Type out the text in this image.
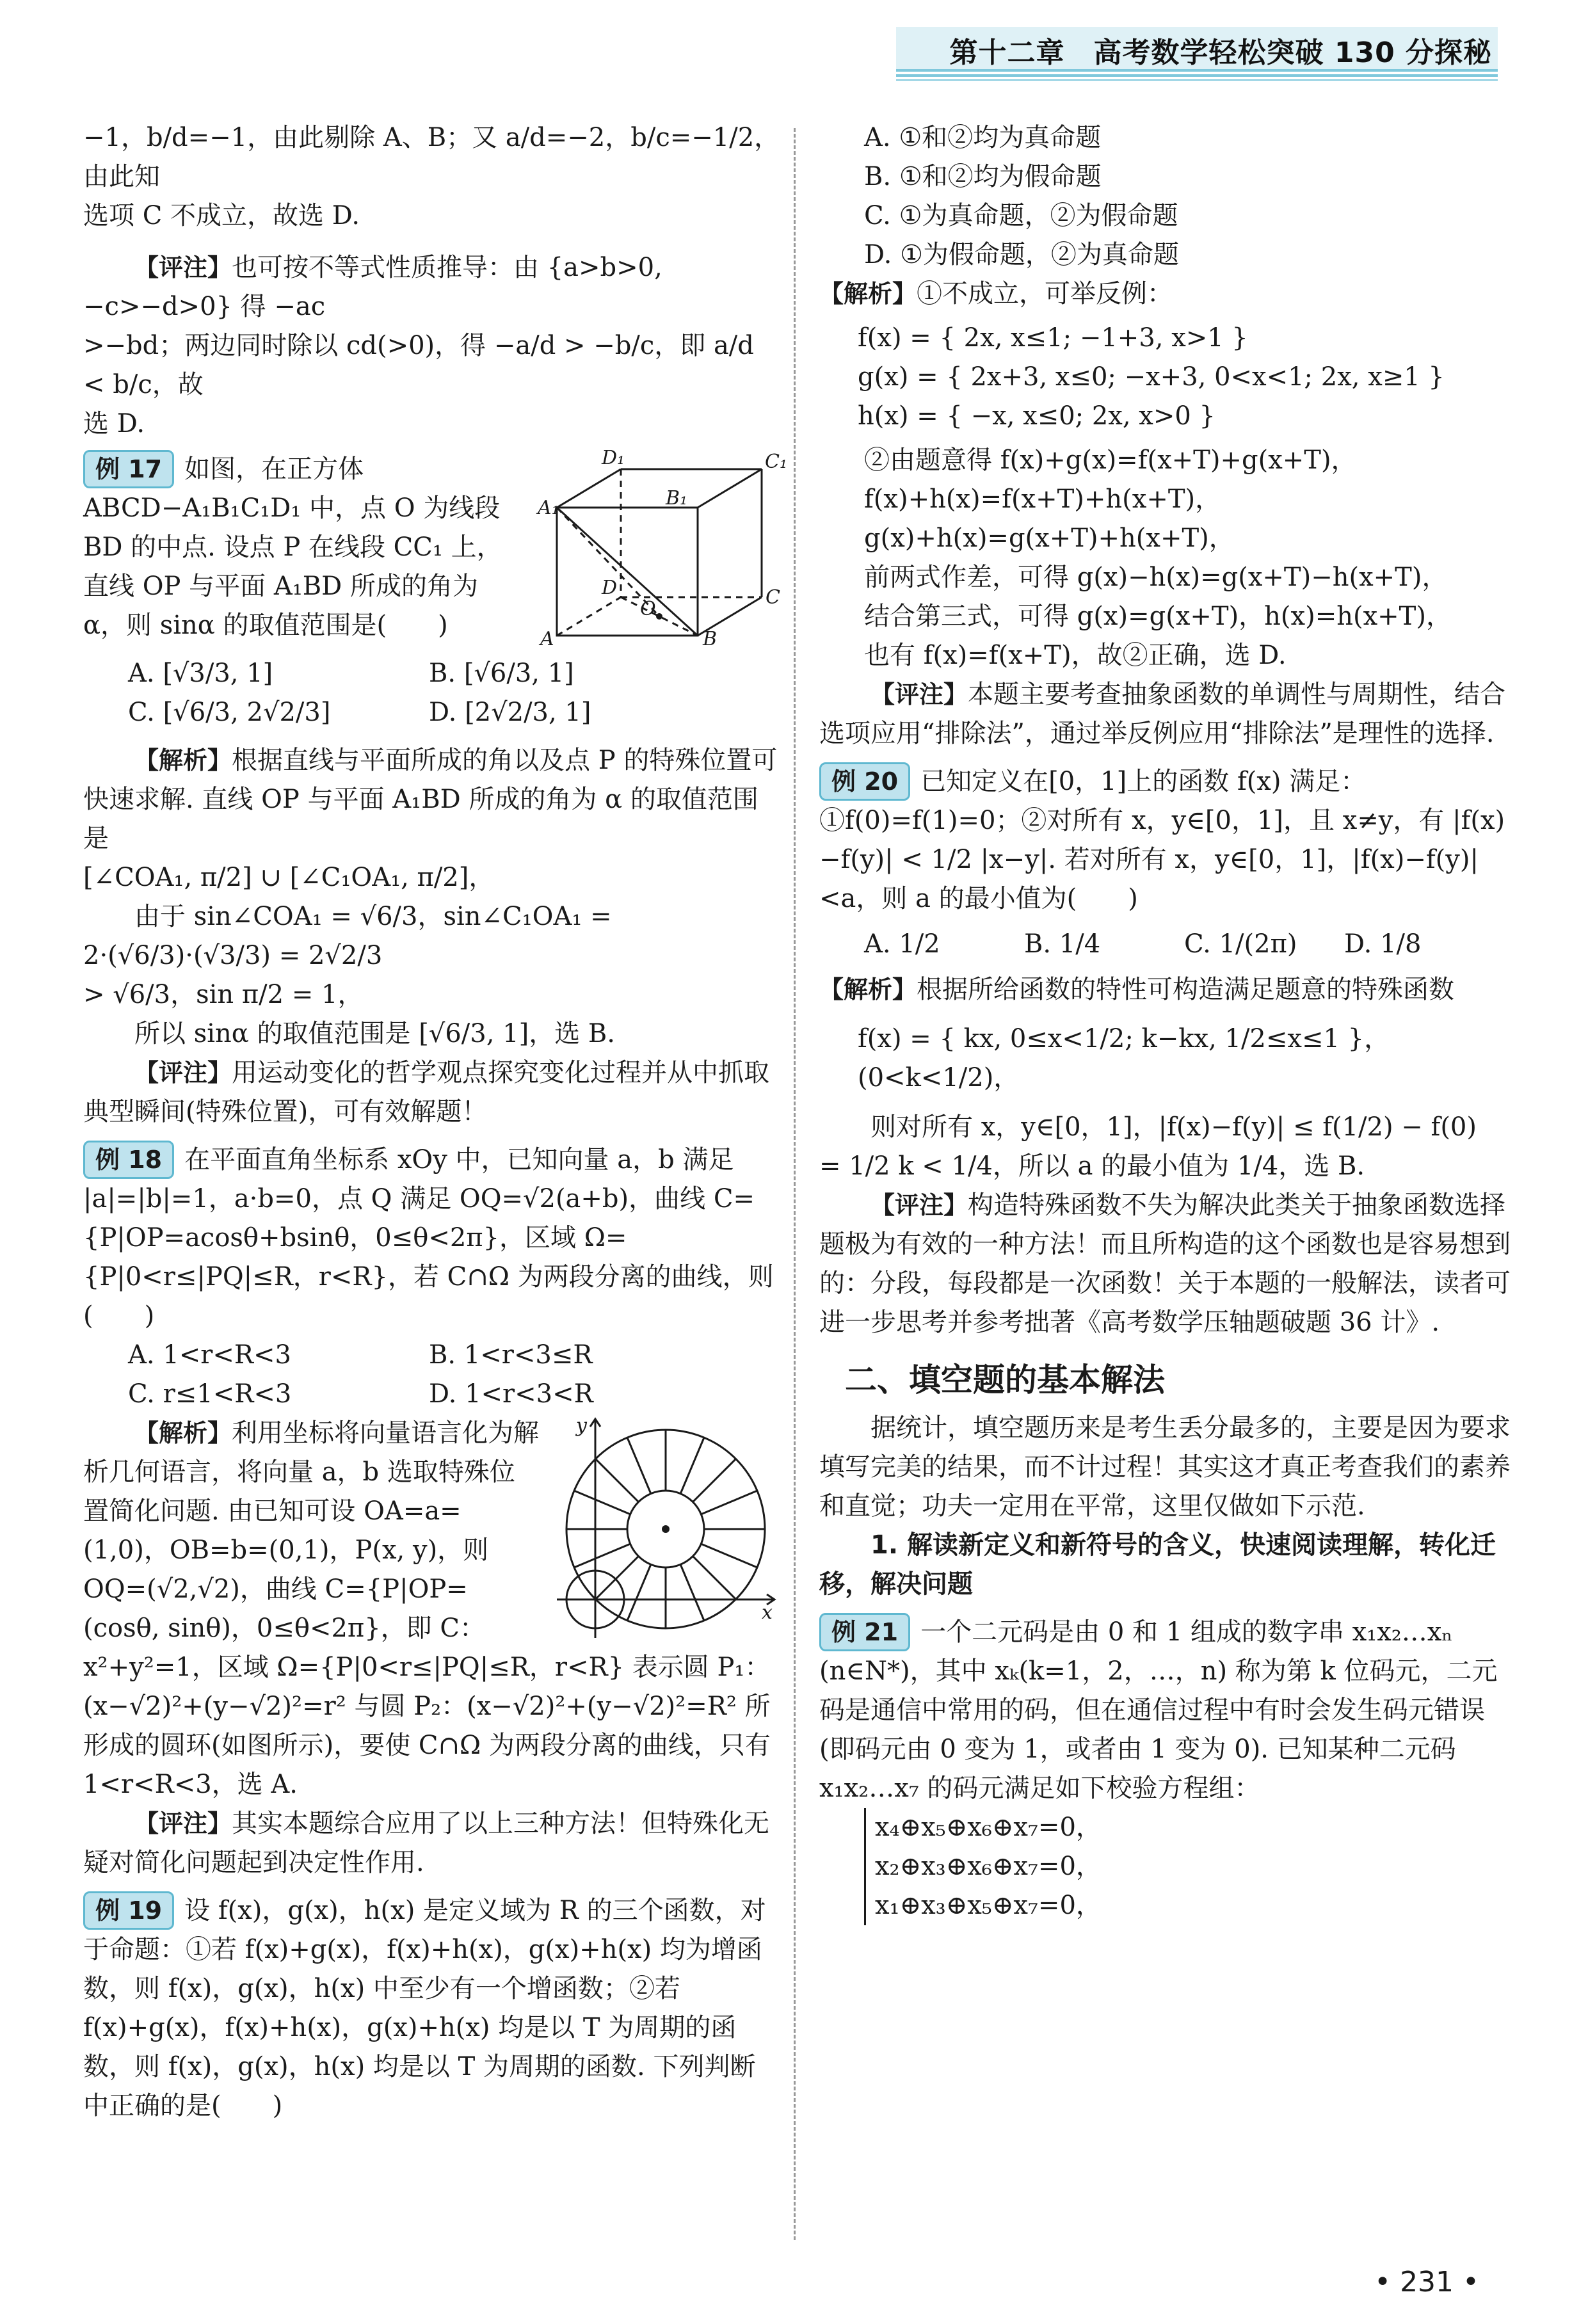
第十二章　高考数学轻松突破 130 分探秘

−1，b/d=−1，由此剔除 A、B；又 a/d=−2，b/c=−1/2，由此知

选项 C 不成立，故选 D.

【评注】也可按不等式性质推导：由 {a>b>0, −c>−d>0} 得 −ac

>−bd；两边同时除以 cd(>0)，得 −a/d > −b/c，即 a/d < b/c，故

选 D.

D₁	C₁
A₁	B₁
D	C
O
A	B

例 17 如图，在正方体 ABCD−A₁B₁C₁D₁ 中，点 O 为线段 BD 的中点. 设点 P 在线段 CC₁ 上，直线 OP 与平面 A₁BD 所成的角为 α，则 sinα 的取值范围是(　　)

A. [√3/3, 1]	B. [√6/3, 1]
C. [√6/3, 2√2/3]	D. [2√2/3, 1]

【解析】根据直线与平面所成的角以及点 P 的特殊位置可快速求解. 直线 OP 与平面 A₁BD 所成的角为 α 的取值范围是

[∠COA₁, π/2] ∪ [∠C₁OA₁, π/2]，

由于 sin∠COA₁ = √6/3，sin∠C₁OA₁ = 2·(√6/3)·(√3/3) = 2√2/3

> √6/3，sin π/2 = 1，

所以 sinα 的取值范围是 [√6/3, 1]，选 B.

【评注】用运动变化的哲学观点探究变化过程并从中抓取典型瞬间(特殊位置)，可有效解题！

例 18 在平面直角坐标系 xOy 中，已知向量 a，b 满足

|a|=|b|=1，a·b=0，点 Q 满足 OQ=√2(a+b)，曲线 C={P|OP=acosθ+bsinθ，0≤θ<2π}，区域 Ω={P|0<r≤|PQ|≤R，r<R}，若 C∩Ω 为两段分离的曲线，则(　　)

A. 1<r<R<3	B. 1<r<3≤R
C. r≤1<R<3	D. 1<r<3<R
y
x

【解析】利用坐标将向量语言化为解析几何语言，将向量 a，b 选取特殊位置简化问题. 由已知可设 OA=a=(1,0)，OB=b=(0,1)，P(x, y)，则 OQ=(√2,√2)，曲线 C={P|OP=(cosθ, sinθ)，0≤θ<2π}，即 C：x²+y²=1，区域 Ω={P|0<r≤|PQ|≤R，r<R} 表示圆 P₁：(x−√2)²+(y−√2)²=r² 与圆 P₂：(x−√2)²+(y−√2)²=R² 所形成的圆环(如图所示)，要使 C∩Ω 为两段分离的曲线，只有 1<r<R<3，选 A.

【评注】其实本题综合应用了以上三种方法！但特殊化无疑对简化问题起到决定性作用.

例 19 设 f(x)，g(x)，h(x) 是定义域为 R 的三个函数，对于命题：①若 f(x)+g(x)，f(x)+h(x)，g(x)+h(x) 均为增函数，则 f(x)，g(x)，h(x) 中至少有一个增函数；②若 f(x)+g(x)，f(x)+h(x)，g(x)+h(x) 均是以 T 为周期的函数，则 f(x)，g(x)，h(x) 均是以 T 为周期的函数. 下列判断中正确的是(　　)

A. ①和②均为真命题

B. ①和②均为假命题

C. ①为真命题，②为假命题

D. ①为假命题，②为真命题

【解析】①不成立，可举反例：

f(x) = { 2x, x≤1; −1+3, x>1 }

g(x) = { 2x+3, x≤0; −x+3, 0<x<1; 2x, x≥1 }

h(x) = { −x, x≤0; 2x, x>0 }

②由题意得 f(x)+g(x)=f(x+T)+g(x+T)，

f(x)+h(x)=f(x+T)+h(x+T)，

g(x)+h(x)=g(x+T)+h(x+T)，

前两式作差，可得 g(x)−h(x)=g(x+T)−h(x+T)，

结合第三式，可得 g(x)=g(x+T)，h(x)=h(x+T)，

也有 f(x)=f(x+T)，故②正确，选 D.

【评注】本题主要考查抽象函数的单调性与周期性，结合选项应用“排除法”，通过举反例应用“排除法”是理性的选择.

例 20 已知定义在[0，1]上的函数 f(x) 满足：①f(0)=f(1)=0；②对所有 x，y∈[0，1]，且 x≠y，有 |f(x)−f(y)| < 1/2 |x−y|. 若对所有 x，y∈[0，1]，|f(x)−f(y)|<a，则 a 的最小值为(　　)

A. 1/2	B. 1/4	C. 1/(2π)	D. 1/8

【解析】根据所给函数的特性可构造满足题意的特殊函数

f(x) = { kx, 0≤x<1/2; k−kx, 1/2≤x≤1 }，(0<k<1/2)，

则对所有 x，y∈[0，1]，|f(x)−f(y)| ≤ f(1/2) − f(0)

= 1/2 k < 1/4，所以 a 的最小值为 1/4，选 B.

【评注】构造特殊函数不失为解决此类关于抽象函数选择题极为有效的一种方法！而且所构造的这个函数也是容易想到的：分段，每段都是一次函数！关于本题的一般解法，读者可进一步思考并参考拙著《高考数学压轴题破题 36 计》.

二、填空题的基本解法

据统计，填空题历来是考生丢分最多的，主要是因为要求填写完美的结果，而不计过程！其实这才真正考查我们的素养和直觉；功夫一定用在平常，这里仅做如下示范.

1. 解读新定义和新符号的含义，快速阅读理解，转化迁移，解决问题

例 21 一个二元码是由 0 和 1 组成的数字串 x₁x₂…xₙ (n∈N*)，其中 xₖ(k=1，2，…，n) 称为第 k 位码元，二元码是通信中常用的码，但在通信过程中有时会发生码元错误(即码元由 0 变为 1，或者由 1 变为 0). 已知某种二元码 x₁x₂…x₇ 的码元满足如下校验方程组：

x₄⊕x₅⊕x₆⊕x₇=0，

x₂⊕x₃⊕x₆⊕x₇=0，

x₁⊕x₃⊕x₅⊕x₇=0，

• 231 •
